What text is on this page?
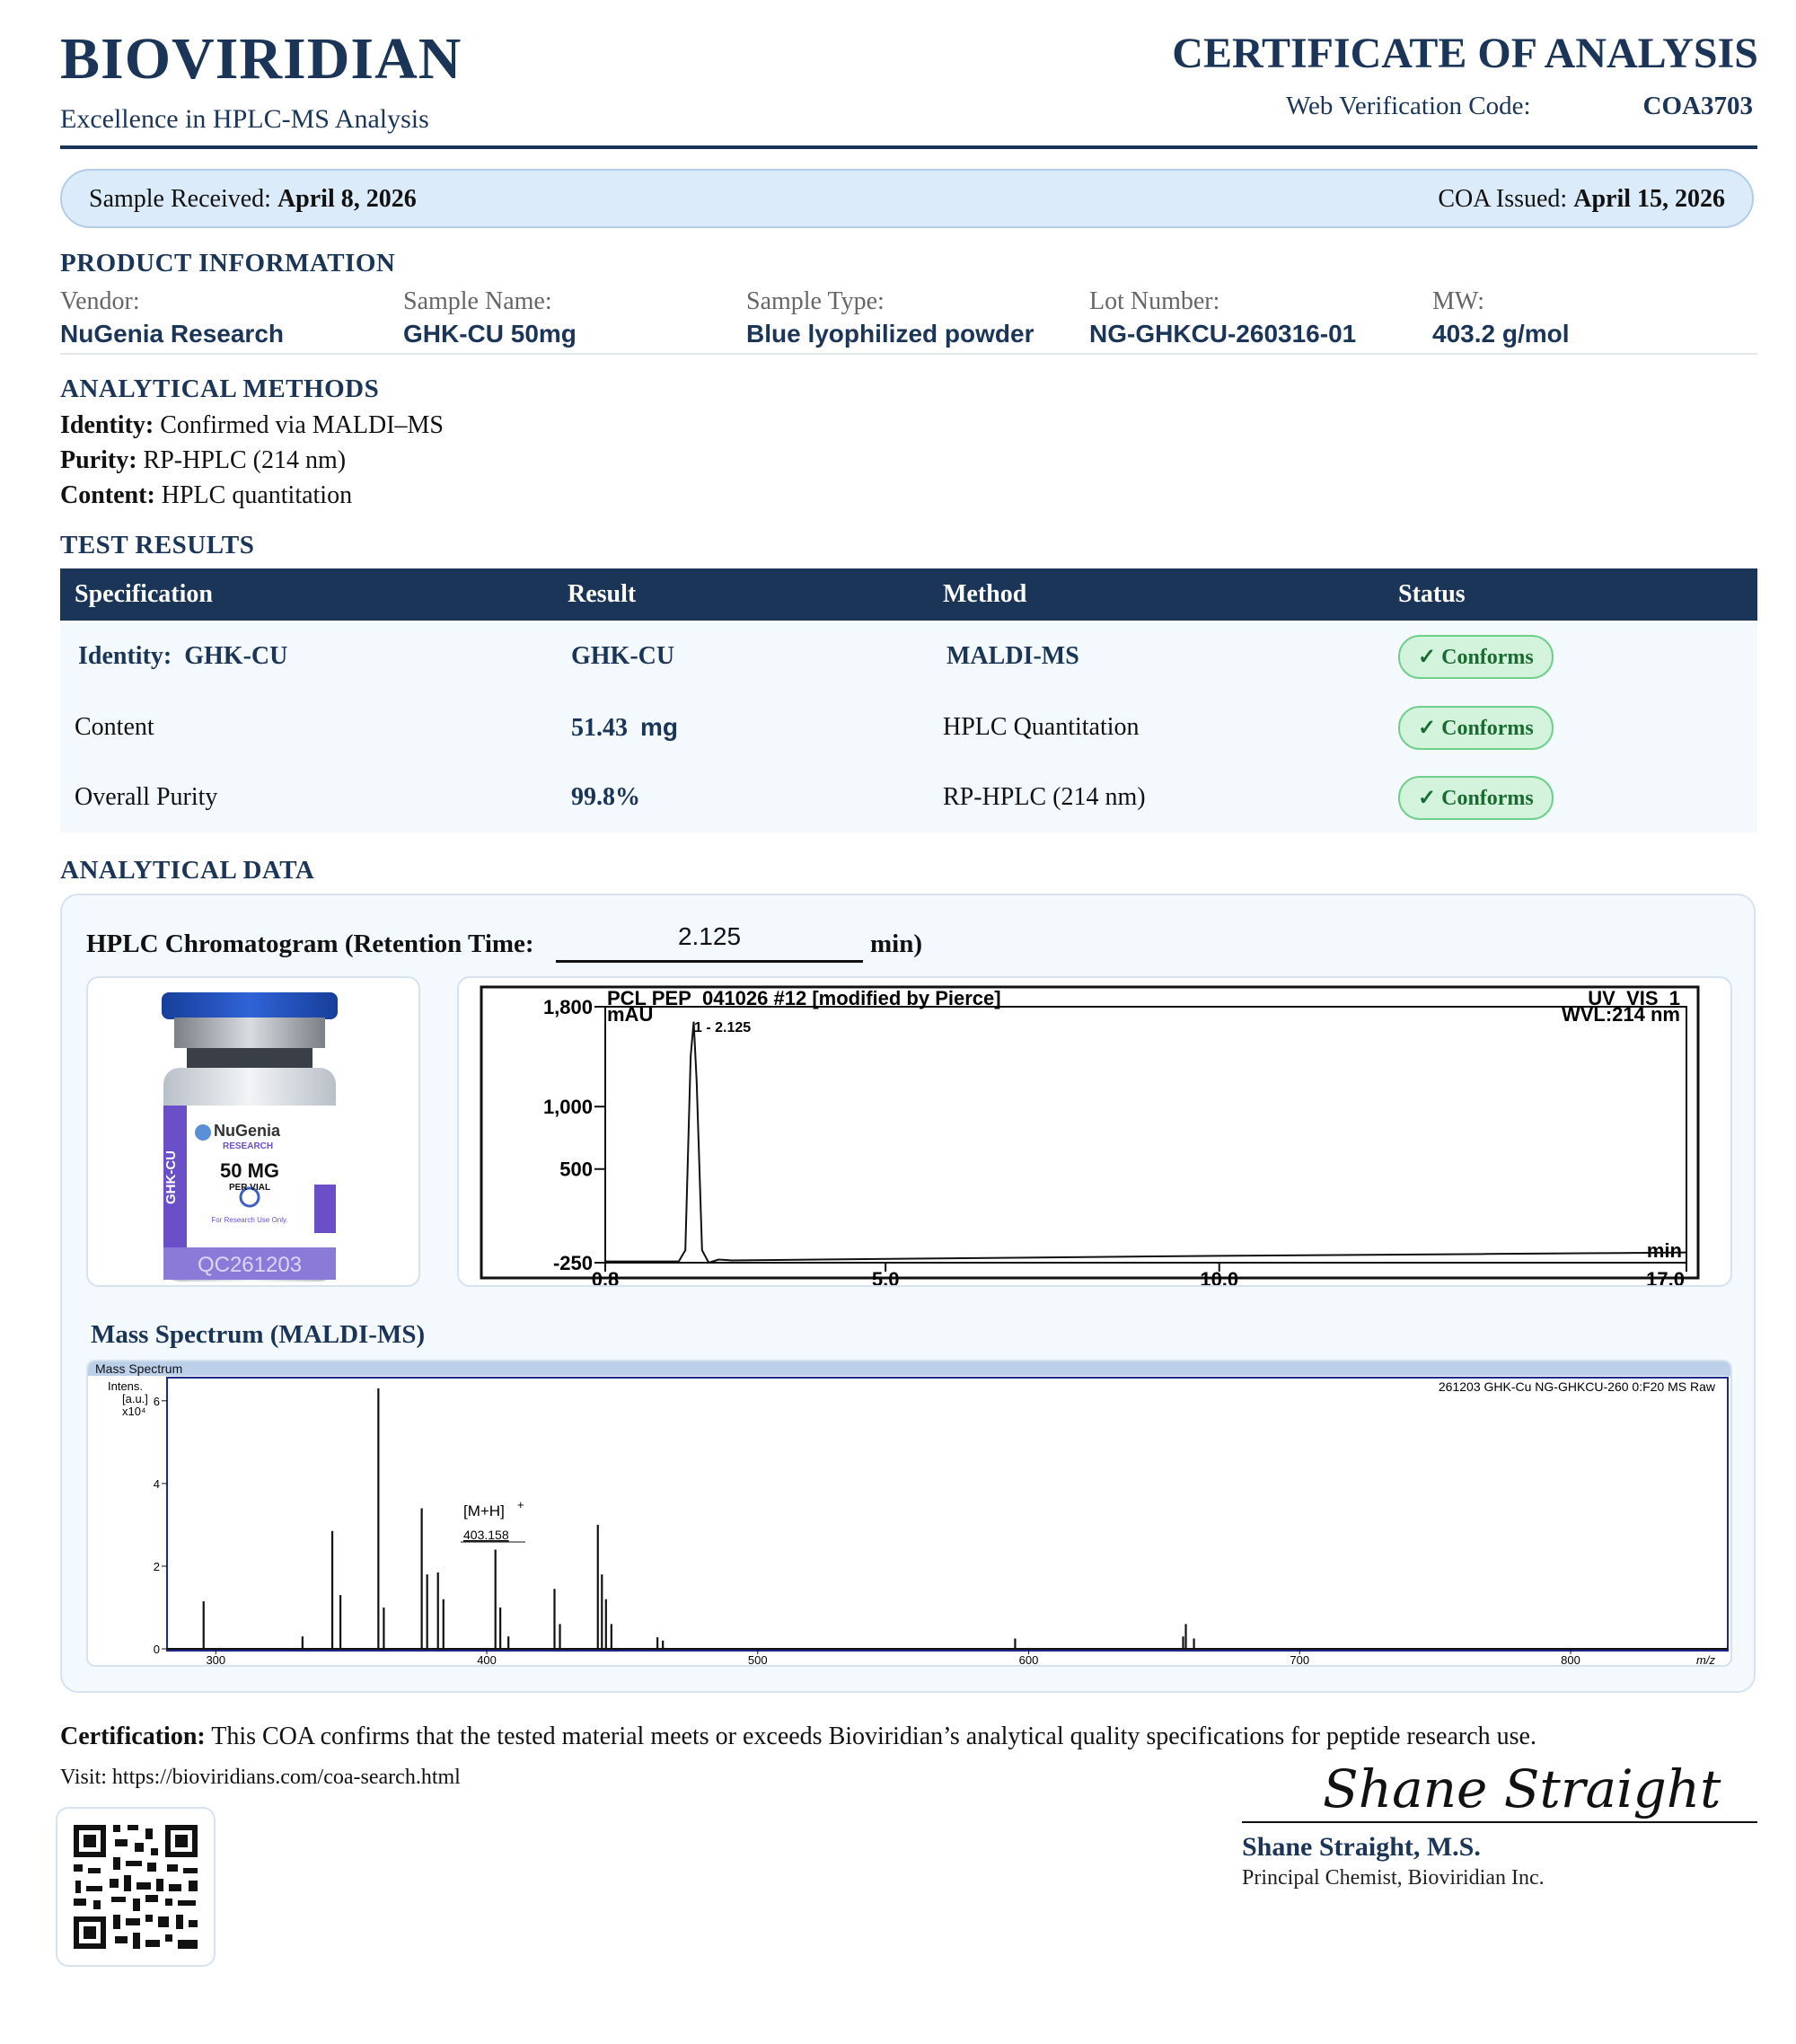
BIOVIRIDIAN
Excellence in HPLC-MS Analysis
CERTIFICATE OF ANALYSIS
Web Verification Code:	COA3703
Sample Received: April 8, 2026	COA Issued: April 15, 2026
PRODUCT INFORMATION
Vendor:
NuGenia Research
Sample Name:
GHK-CU 50mg
Sample Type:
Blue lyophilized powder
Lot Number:
NG-GHKCU-260316-01
MW:
403.2 g/mol
ANALYTICAL METHODS
Identity: Confirmed via MALDI–MS
Purity: RP-HPLC (214 nm)
Content: HPLC quantitation
TEST RESULTS
Specification	Result	Method	Status
Identity: GHK-CU	GHK-CU	MALDI-MS	✓ Conforms
Content	51.43 mg	HPLC Quantitation	✓ Conforms
Overall Purity	99.8%	RP-HPLC (214 nm)	✓ Conforms
ANALYTICAL DATA
HPLC Chromatogram (Retention Time:	2.125	min)
GHK-CU
NuGenia
RESEARCH
50 MG
PER VIAL
For Research Use Only.
QC261203
PCL PEP_041026 #12 [modified by Pierce]	UV_VIS_1
WVL:214 nm
mAU
min
1 - 2.125
1,800
1,000
500
-250
0.8	5.0	10.0	17.0
Mass Spectrum (MALDI-MS)
Mass Spectrum
261203 GHK-Cu NG-GHKCU-260 0:F20 MS Raw
Intens.
[a.u.]
x10⁴
m/z
[M+H] +
403.158
6
4
2
0
300	400	500	600	700	800
Certification: This COA confirms that the tested material meets or exceeds Bioviridian’s analytical quality specifications for peptide research use.
Visit: https://bioviridians.com/coa-search.html	Shane Straight
Shane Straight, M.S.
Principal Chemist, Bioviridian Inc.
